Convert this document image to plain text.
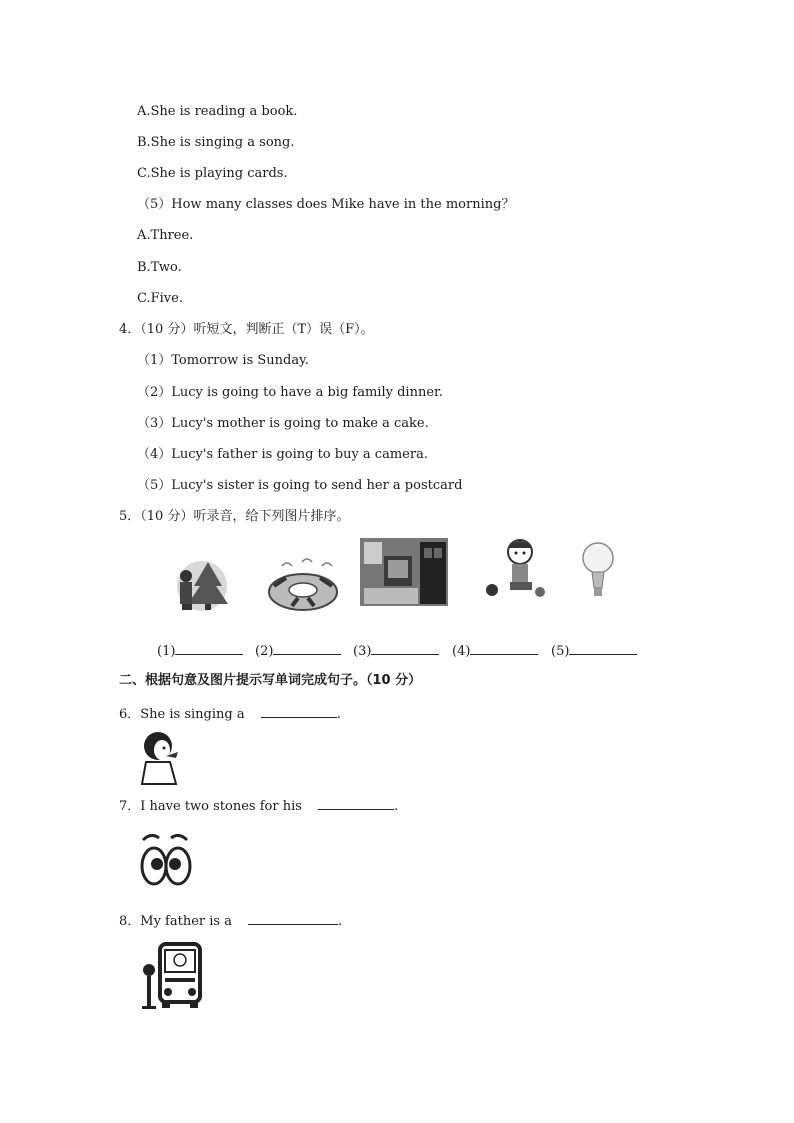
A.She is reading a book.
B.She is singing a song.
C.She is playing cards.
（5）How many classes does Mike have in the morning？
A.Three.
B.Two.
C.Five.
4．（10 分）听短文，判断正（T）误（F）。
（1）Tomorrow is Sunday.
（2）Lucy is going to have a big family dinner.
（3）Lucy's mother is going to make a cake.
（4）Lucy's father is going to buy a camera.
（5）Lucy's sister is going to send her a postcard
5．（10 分）听录音，给下列图片排序。
(1)	(2)	(3)	(4)	(5)
二、根据句意及图片提示写单词完成句子。（10 分）
6．She is singing a	.
7．I have two stones for his	.
8．My father is a	.
